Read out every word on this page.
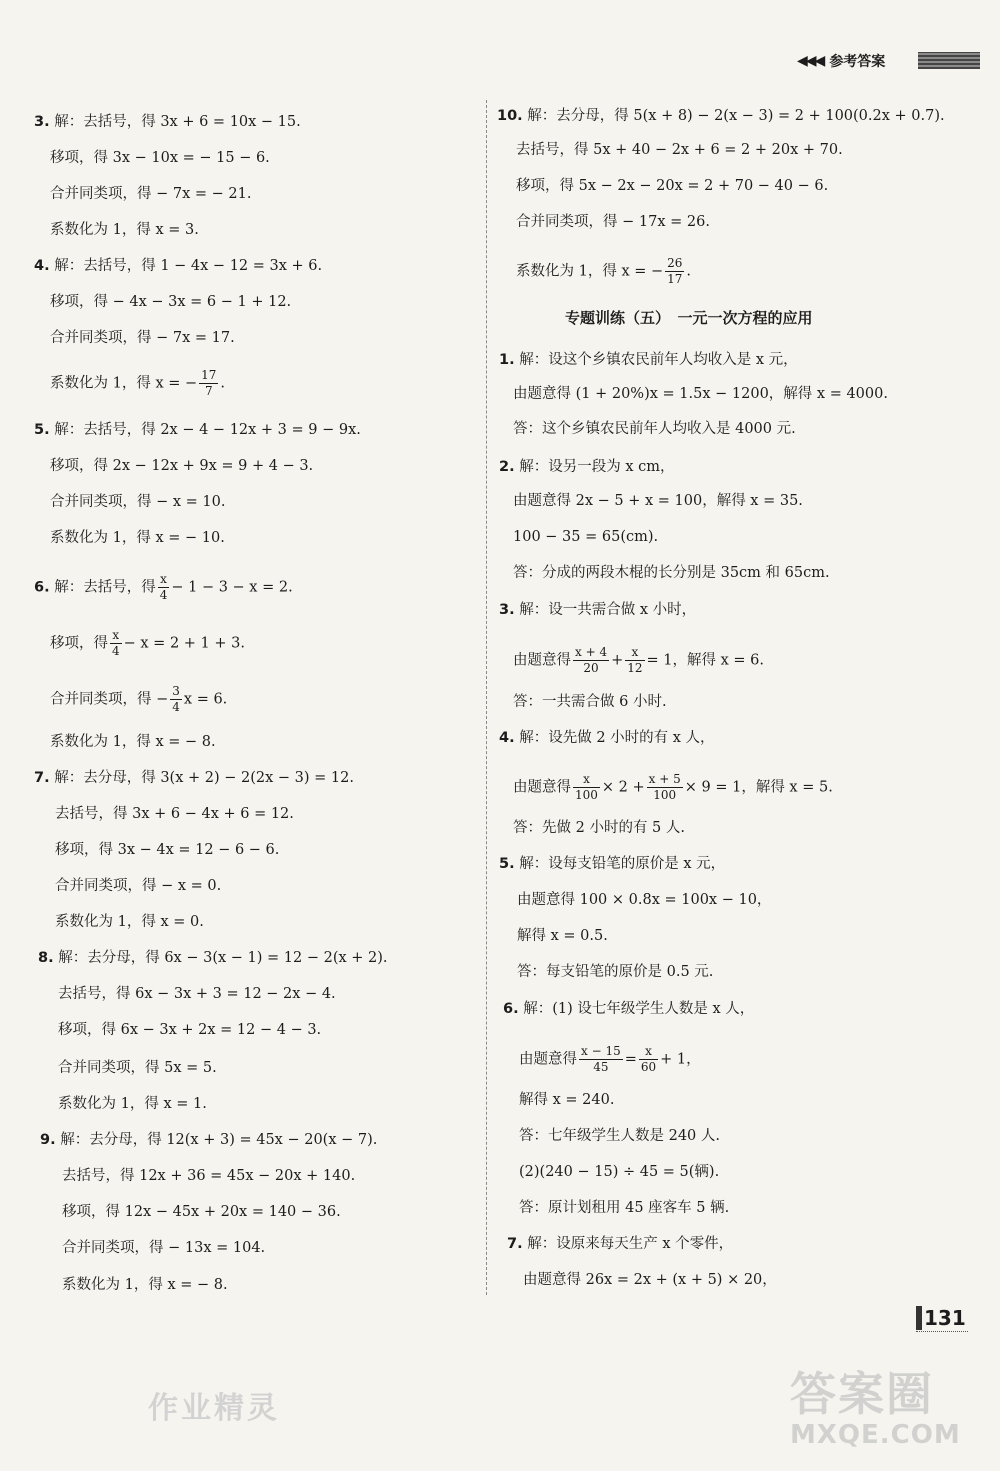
◀◀◀ 参考答案
3. 解：去括号，得 3x + 6 = 10x − 15.
移项，得 3x − 10x = − 15 − 6.
合并同类项，得 − 7x = − 21.
系数化为 1，得 x = 3.
4. 解：去括号，得 1 − 4x − 12 = 3x + 6.
移项，得 − 4x − 3x = 6 − 1 + 12.
合并同类项，得 − 7x = 17.
系数化为 1，得 x = − $\frac{17}{7}$ .
5. 解：去括号，得 2x − 4 − 12x + 3 = 9 − 9x.
移项，得 2x − 12x + 9x = 9 + 4 − 3.
合并同类项，得 − x = 10.
系数化为 1，得 x = − 10.
6. 解：去括号，得 $\frac{x}{4} - 1 - 3 - x = 2$.
移项，得 $\frac{x}{4} - x = 2 + 1 + 3$.
合并同类项，得 − $\frac{3}{4}$ x = 6.
系数化为 1，得 x = − 8.
7. 解：去分母，得 3(x + 2) − 2(2x − 3) = 12.
去括号，得 3x + 6 − 4x + 6 = 12.
移项，得 3x − 4x = 12 − 6 − 6.
合并同类项，得 − x = 0.
系数化为 1，得 x = 0.
8. 解：去分母，得 6x − 3(x − 1) = 12 − 2(x + 2).
去括号，得 6x − 3x + 3 = 12 − 2x − 4.
移项，得 6x − 3x + 2x = 12 − 4 − 3.
合并同类项，得 5x = 5.
系数化为 1，得 x = 1.
9. 解：去分母，得 12(x + 3) = 45x − 20(x − 7).
去括号，得 12x + 36 = 45x − 20x + 140.
移项，得 12x − 45x + 20x = 140 − 36.
合并同类项，得 − 13x = 104.
系数化为 1，得 x = − 8.
10. 解：去分母，得 5(x + 8) − 2(x − 3) = 2 + 100(0.2x + 0.7).
去括号，得 5x + 40 − 2x + 6 = 2 + 20x + 70.
移项，得 5x − 2x − 20x = 2 + 70 − 40 − 6.
合并同类项，得 − 17x = 26.
系数化为 1，得 x = − $\frac{26}{17}$ .
专题训练（五）　一元一次方程的应用
1. 解：设这个乡镇农民前年人均收入是 x 元，
由题意得 (1 + 20%)x = 1.5x − 1200，解得 x = 4000.
答：这个乡镇农民前年人均收入是 4000 元.
2. 解：设另一段为 x cm，
由题意得 2x − 5 + x = 100，解得 x = 35.
100 − 35 = 65(cm).
答：分成的两段木棍的长分别是 35cm 和 65cm.
3. 解：设一共需合做 x 小时，
由题意得 $\frac{x + 4}{20} + \frac{x}{12} = 1$，解得 x = 6.
答：一共需合做 6 小时.
4. 解：设先做 2 小时的有 x 人，
由题意得 $\frac{x}{100} \times 2 + \frac{x + 5}{100} \times 9 = 1$，解得 x = 5.
答：先做 2 小时的有 5 人.
5. 解：设每支铅笔的原价是 x 元，
由题意得 100 × 0.8x = 100x − 10，
解得 x = 0.5.
答：每支铅笔的原价是 0.5 元.
6. 解：(1) 设七年级学生人数是 x 人，
由题意得 $\frac{x - 15}{45} = \frac{x}{60} + 1$，
解得 x = 240.
答：七年级学生人数是 240 人.
(2)(240 − 15) ÷ 45 = 5(辆).
答：原计划租用 45 座客车 5 辆.
7. 解：设原来每天生产 x 个零件，
由题意得 26x = 2x + (x + 5) × 20，
131
作业精灵	答案圈
MXQE.COM
